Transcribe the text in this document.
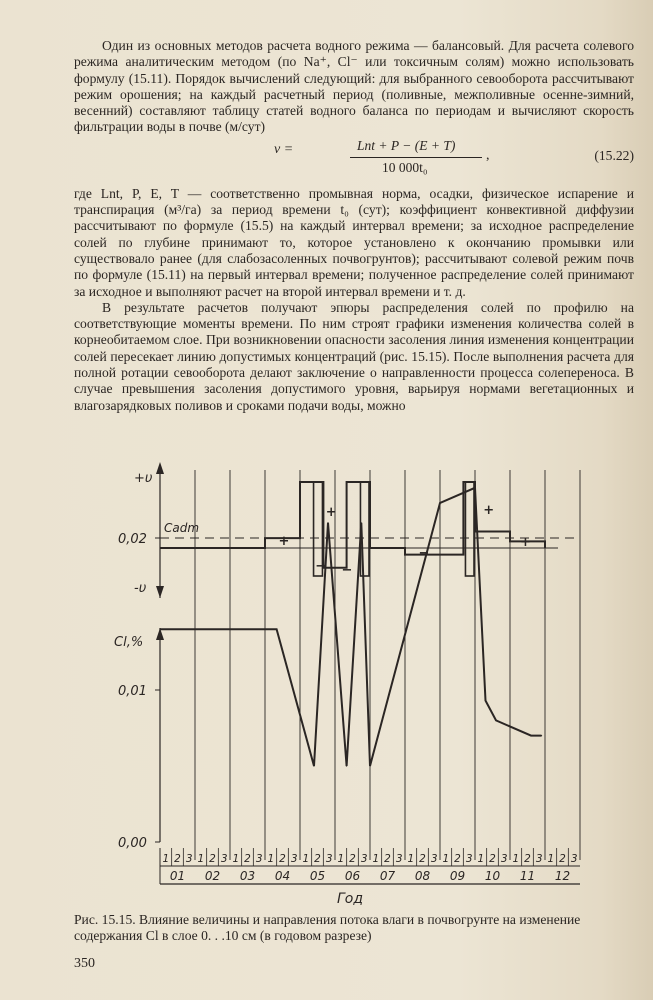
Один из основных методов расчета водного режима — балансовый. Для расчета солевого режима аналитическим методом (по Na⁺, Cl⁻ или токсичным солям) можно использовать формулу (15.11). Порядок вычислений следующий: для выбранного севооборота рассчитывают режим орошения; на каждый расчетный период (поливные, межполивные осенне-зимний, весенний) составляют таблицу статей водного баланса по периодам и вычисляют скорость фильтрации воды в почве (м/сут)

v =	Lnt + P − (E + T)
10 000t₀
,	(15.22)

где Lnt, P, E, T — соответственно промывная норма, осадки, физическое испарение и транспирация (м³/га) за период времени t₀ (сут); коэффициент конвективной диффузии рассчитывают по формуле (15.5) на каждый интервал времени; за исходное распределение солей по глубине принимают то, которое установлено к окончанию промывки или существовало ранее (для слабозасоленных почвогрунтов); рассчитывают солевой режим почв по формуле (15.11) на первый интервал времени; полученное распределение солей принимают за исходное и выполняют расчет на второй интервал времени и т. д.

В результате расчетов получают эпюры распределения солей по профилю на соответствующие моменты времени. По ним строят графики изменения количества солей в корнеобитаемом слое. При возникновении опасности засоления линия изменения концентрации солей пересекает линию допустимых концентраций (рис. 15.15). После выполнения расчета для полной ротации севооборота делают заключение о направленности процесса солепереноса. В случае превышения засоления допустимого уровня, варьируя нормами вегетационных и влагозарядковых поливов и сроками подачи воды, можно

+υ
-υ
+
− −
+
−
+
+
Cl,%
0,02
0,01
0,00
Cadm
1 2 3
01
1 2 3
02
1 2 3
03
1 2 3
04
1 2 3
05
1 2 3
06
1 2 3
07
1 2 3
08
1 2 3
09
1 2 3
10
1 2 3
11
1 2 3
12
Год
Рис. 15.15. Влияние величины и направления потока влаги в почвогрунте на изменение содержания Cl в слое 0. . .10 см (в годовом разрезе)
350
